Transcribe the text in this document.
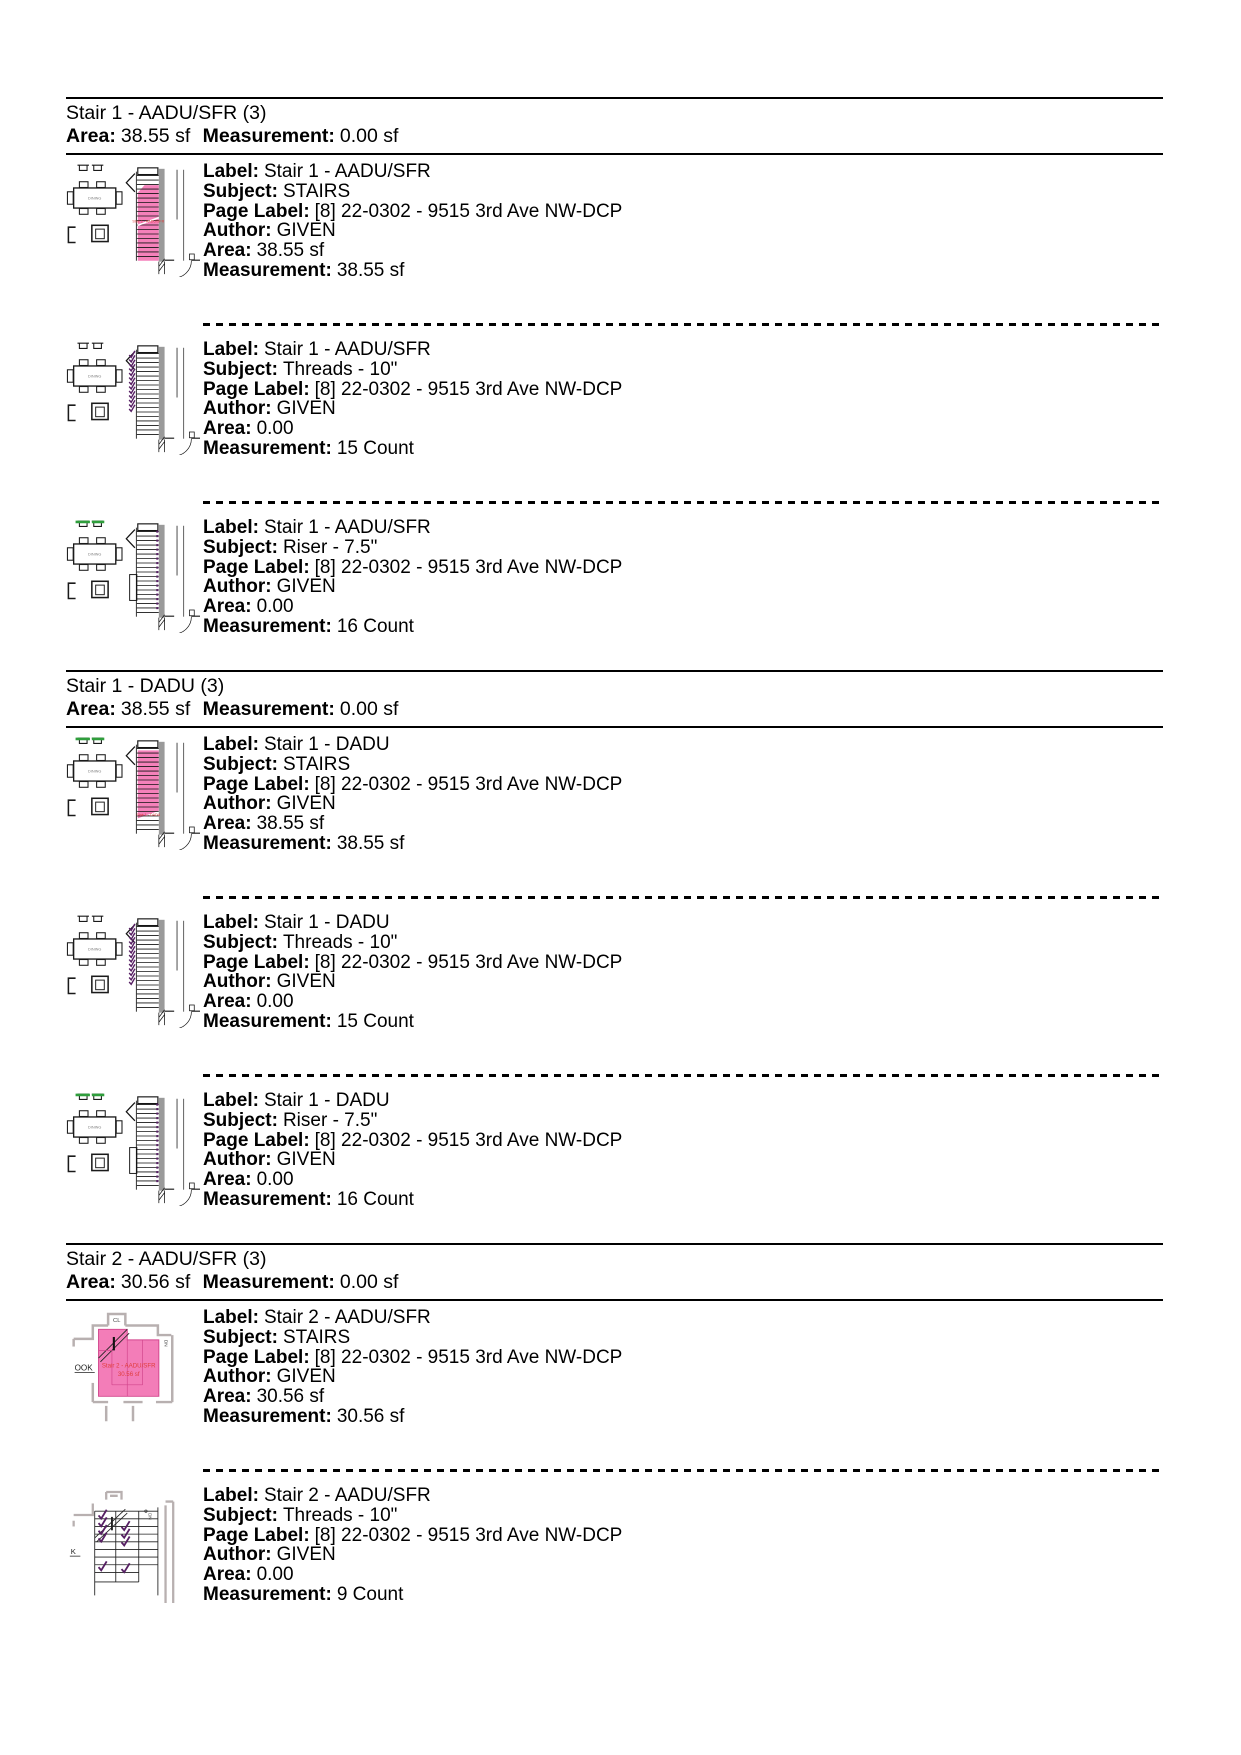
Stair 1 - AADU/SFR (3)
Area: 38.55 sf Measurement: 0.00 sf
Stair 1 - AADU/SFR
Label: Stair 1 - AADU/SFR
Subject: STAIRS
Page Label: [8] 22-0302 - 9515 3rd Ave NW-DCP
Author: GIVEN
Area: 38.55 sf
Measurement: 38.55 sf
Label: Stair 1 - AADU/SFR
Subject: Threads - 10"
Page Label: [8] 22-0302 - 9515 3rd Ave NW-DCP
Author: GIVEN
Area: 0.00
Measurement: 15 Count
Label: Stair 1 - AADU/SFR
Subject: Riser - 7.5"
Page Label: [8] 22-0302 - 9515 3rd Ave NW-DCP
Author: GIVEN
Area: 0.00
Measurement: 16 Count
Stair 1 - DADU (3)
Area: 38.55 sf Measurement: 0.00 sf
Stair 1 - DADU
Label: Stair 1 - DADU
Subject: STAIRS
Page Label: [8] 22-0302 - 9515 3rd Ave NW-DCP
Author: GIVEN
Area: 38.55 sf
Measurement: 38.55 sf
Label: Stair 1 - DADU
Subject: Threads - 10"
Page Label: [8] 22-0302 - 9515 3rd Ave NW-DCP
Author: GIVEN
Area: 0.00
Measurement: 15 Count
Label: Stair 1 - DADU
Subject: Riser - 7.5"
Page Label: [8] 22-0302 - 9515 3rd Ave NW-DCP
Author: GIVEN
Area: 0.00
Measurement: 16 Count
Stair 2 - AADU/SFR (3)
Area: 30.56 sf Measurement: 0.00 sf
CL
DN
OOK Stair 2 - AADU/SFR
30.56 sf
Label: Stair 2 - AADU/SFR
Subject: STAIRS
Page Label: [8] 22-0302 - 9515 3rd Ave NW-DCP
Author: GIVEN
Area: 30.56 sf
Measurement: 30.56 sf
K
DN
Label: Stair 2 - AADU/SFR
Subject: Threads - 10"
Page Label: [8] 22-0302 - 9515 3rd Ave NW-DCP
Author: GIVEN
Area: 0.00
Measurement: 9 Count
